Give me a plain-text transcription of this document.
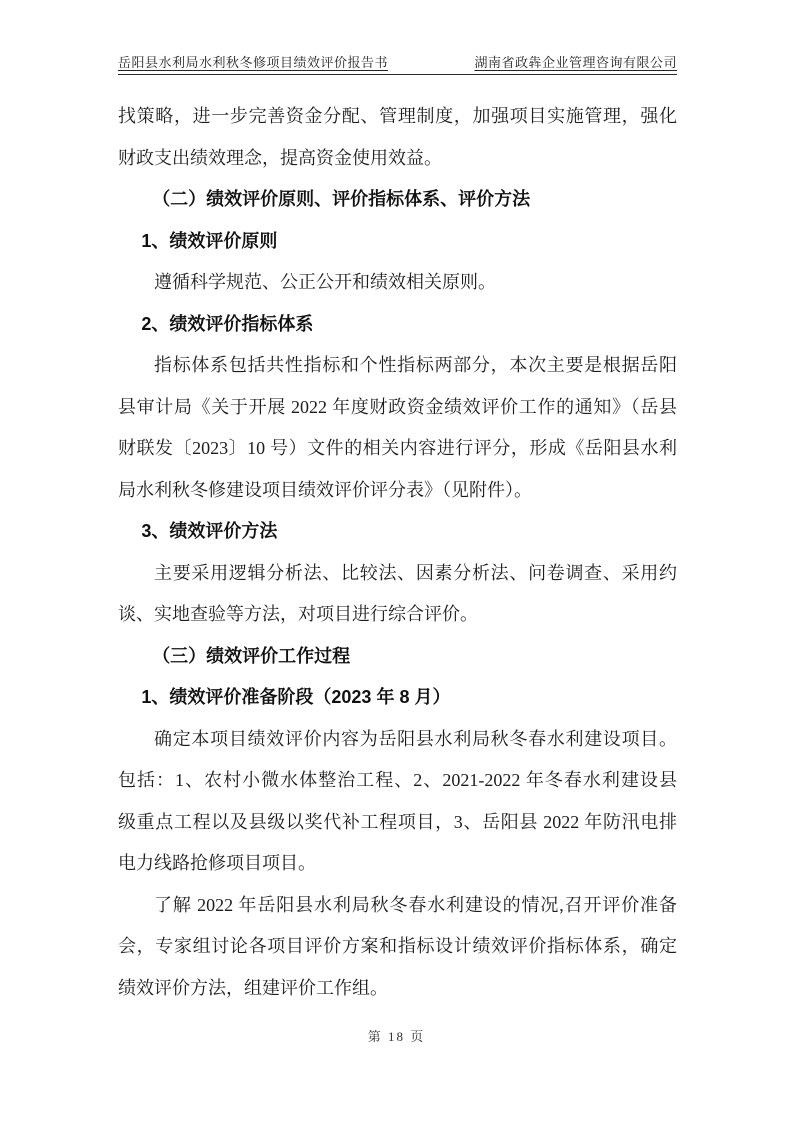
岳阳县水利局水利秋冬修项目绩效评价报告书	湖南省政犇企业管理咨询有限公司
找策略，进一步完善资金分配、管理制度，加强项目实施管理，强化
财政支出绩效理念，提高资金使用效益。
（二）绩效评价原则、评价指标体系、评价方法
1、绩效评价原则
遵循科学规范、公正公开和绩效相关原则。
2、绩效评价指标体系
指标体系包括共性指标和个性指标两部分，本次主要是根据岳阳
县审计局《关于开展 2022 年度财政资金绩效评价工作的通知》（岳县
财联发〔2023〕10 号）文件的相关内容进行评分，形成《岳阳县水利
局水利秋冬修建设项目绩效评价评分表》（见附件）。
3、绩效评价方法
主要采用逻辑分析法、比较法、因素分析法、问卷调查、采用约
谈、实地查验等方法，对项目进行综合评价。
（三）绩效评价工作过程
1、绩效评价准备阶段（2023 年 8 月）
确定本项目绩效评价内容为岳阳县水利局秋冬春水利建设项目。
包括：1、农村小微水体整治工程、2、2021-2022 年冬春水利建设县
级重点工程以及县级以奖代补工程项目，3、岳阳县 2022 年防汛电排
电力线路抢修项目项目。
了解 2022 年岳阳县水利局秋冬春水利建设的情况,召开评价准备
会，专家组讨论各项目评价方案和指标设计绩效评价指标体系，确定
绩效评价方法，组建评价工作组。
第 18 页
